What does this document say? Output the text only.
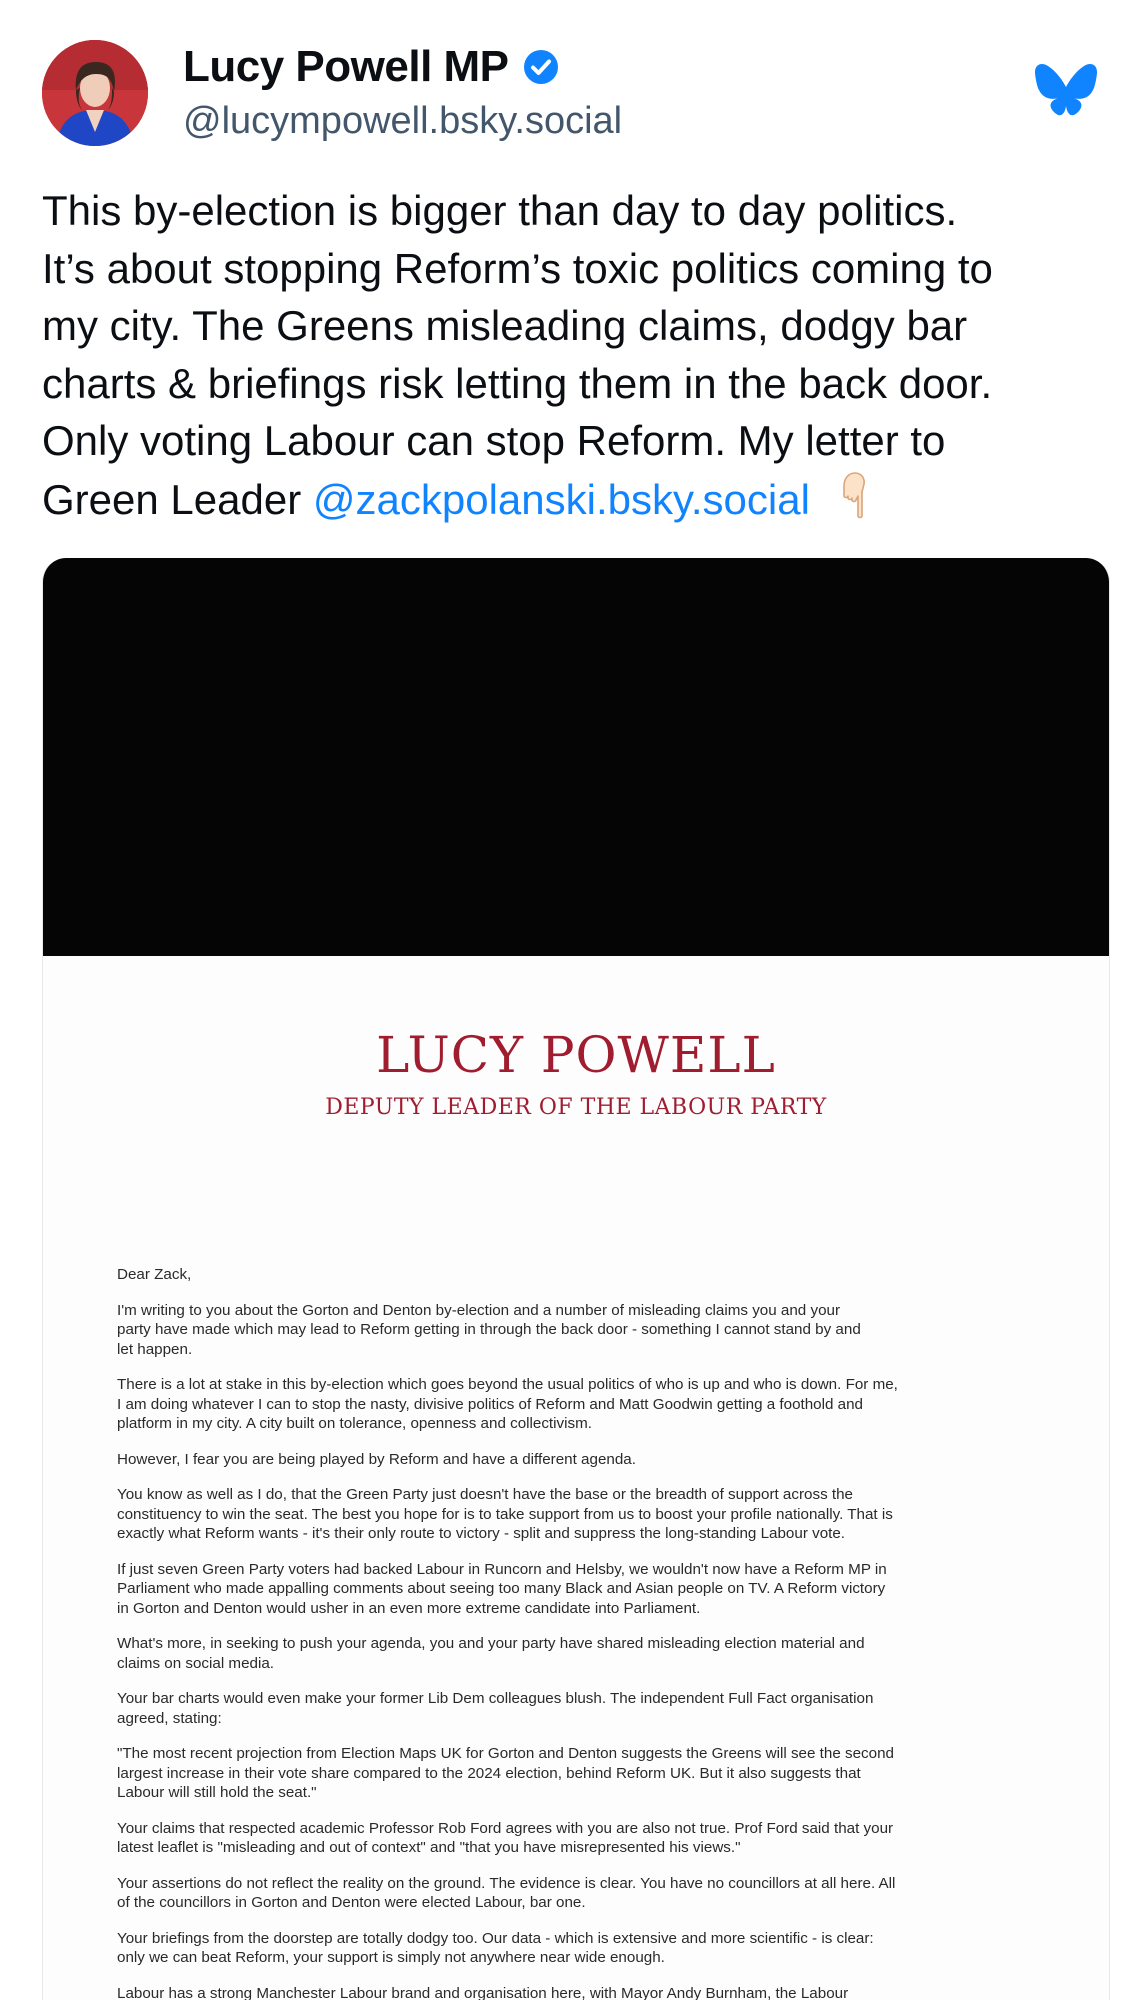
Lucy Powell MP
@lucympowell.bsky.social
This by-election is bigger than day to day politics.
It’s about stopping Reform’s toxic politics coming to
my city. The Greens misleading claims, dodgy bar
charts & briefings risk letting them in the back door.
Only voting Labour can stop Reform. My letter to
Green Leader @zackpolanski.bsky.social
LUCY POWELL
DEPUTY LEADER OF THE LABOUR PARTY
Dear Zack,
I'm writing to you about the Gorton and Denton by-election and a number of misleading claims you and your
party have made which may lead to Reform getting in through the back door - something I cannot stand by and
let happen.
There is a lot at stake in this by-election which goes beyond the usual politics of who is up and who is down. For me,
I am doing whatever I can to stop the nasty, divisive politics of Reform and Matt Goodwin getting a foothold and
platform in my city. A city built on tolerance, openness and collectivism.
However, I fear you are being played by Reform and have a different agenda.
You know as well as I do, that the Green Party just doesn't have the base or the breadth of support across the
constituency to win the seat. The best you hope for is to take support from us to boost your profile nationally. That is
exactly what Reform wants - it's their only route to victory - split and suppress the long-standing Labour vote.
If just seven Green Party voters had backed Labour in Runcorn and Helsby, we wouldn't now have a Reform MP in
Parliament who made appalling comments about seeing too many Black and Asian people on TV. A Reform victory
in Gorton and Denton would usher in an even more extreme candidate into Parliament.
What's more, in seeking to push your agenda, you and your party have shared misleading election material and
claims on social media.
Your bar charts would even make your former Lib Dem colleagues blush. The independent Full Fact organisation
agreed, stating:
"The most recent projection from Election Maps UK for Gorton and Denton suggests the Greens will see the second
largest increase in their vote share compared to the 2024 election, behind Reform UK. But it also suggests that
Labour will still hold the seat."
Your claims that respected academic Professor Rob Ford agrees with you are also not true. Prof Ford said that your
latest leaflet is "misleading and out of context" and "that you have misrepresented his views."
Your assertions do not reflect the reality on the ground. The evidence is clear. You have no councillors at all here. All
of the councillors in Gorton and Denton were elected Labour, bar one.
Your briefings from the doorstep are totally dodgy too. Our data - which is extensive and more scientific - is clear:
only we can beat Reform, your support is simply not anywhere near wide enough.
Labour has a strong Manchester Labour brand and organisation here, with Mayor Andy Burnham, the Labour
